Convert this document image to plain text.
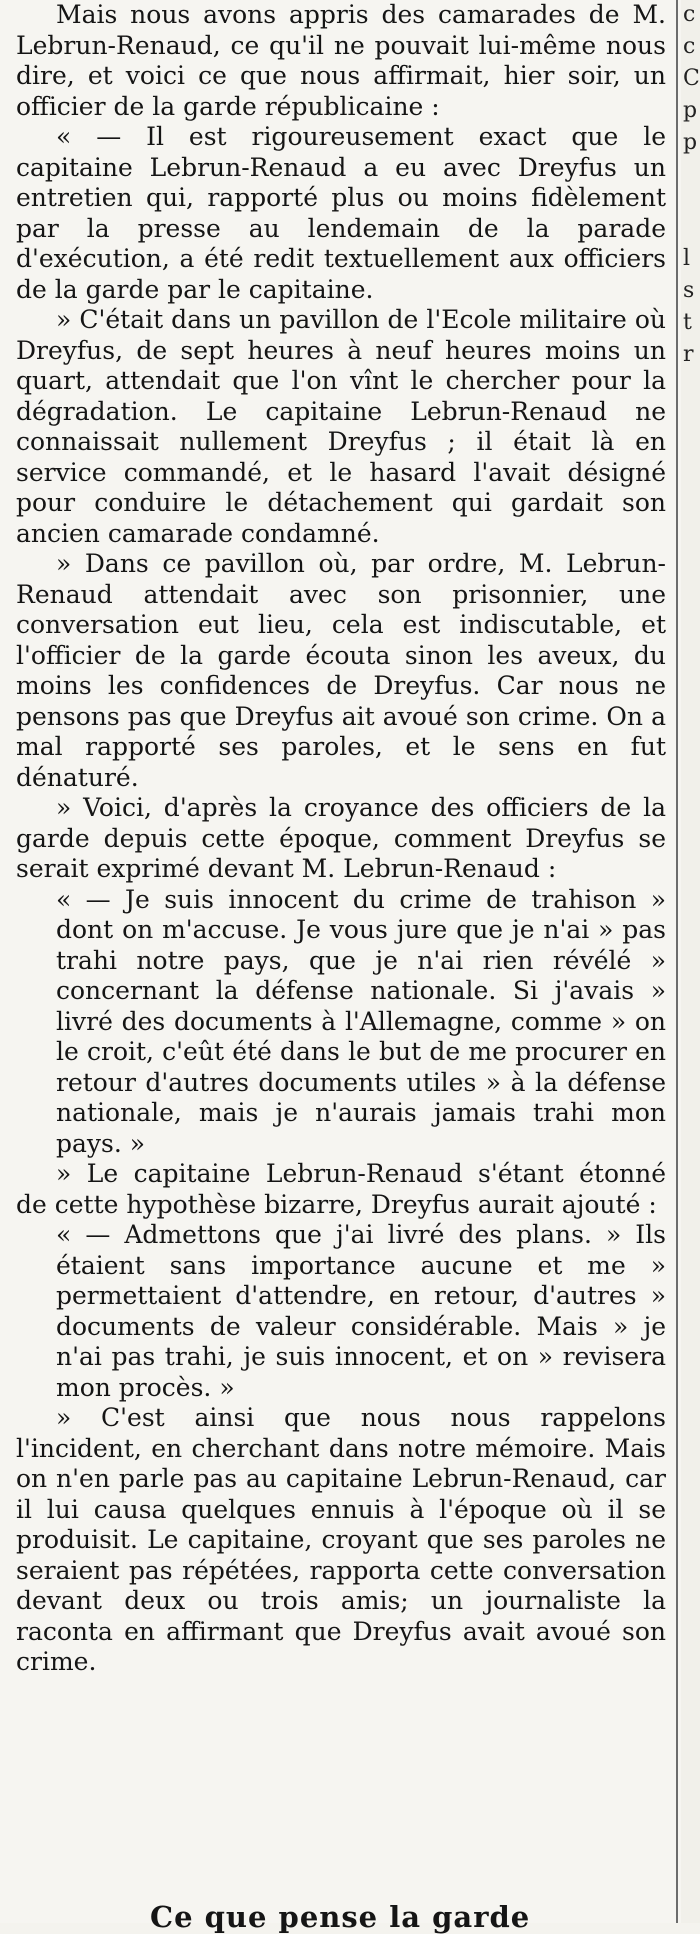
Mais nous avons appris des camarades de M. Lebrun-Renaud, ce qu'il ne pouvait lui-même nous dire, et voici ce que nous affirmait, hier soir, un officier de la garde républicaine :

« — Il est rigoureusement exact que le capitaine Lebrun-Renaud a eu avec Dreyfus un entretien qui, rapporté plus ou moins fidèlement par la presse au lendemain de la parade d'exécution, a été redit textuellement aux officiers de la garde par le capitaine.

» C'était dans un pavillon de l'Ecole militaire où Dreyfus, de sept heures à neuf heures moins un quart, attendait que l'on vînt le chercher pour la dégradation. Le capitaine Lebrun-Renaud ne connaissait nullement Dreyfus ; il était là en service commandé, et le hasard l'avait désigné pour conduire le détachement qui gardait son ancien camarade condamné.

» Dans ce pavillon où, par ordre, M. Lebrun-Renaud attendait avec son prisonnier, une conversation eut lieu, cela est indiscutable, et l'officier de la garde écouta sinon les aveux, du moins les confidences de Dreyfus. Car nous ne pensons pas que Dreyfus ait avoué son crime. On a mal rapporté ses paroles, et le sens en fut dénaturé.

» Voici, d'après la croyance des officiers de la garde depuis cette époque, comment Dreyfus se serait exprimé devant M. Lebrun-Renaud :

« — Je suis innocent du crime de trahison » dont on m'accuse. Je vous jure que je n'ai » pas trahi notre pays, que je n'ai rien révélé » concernant la défense nationale. Si j'avais » livré des documents à l'Allemagne, comme » on le croit, c'eût été dans le but de me procurer en retour d'autres documents utiles » à la défense nationale, mais je n'aurais jamais trahi mon pays. »

» Le capitaine Lebrun-Renaud s'étant étonné de cette hypothèse bizarre, Dreyfus aurait ajouté :

« — Admettons que j'ai livré des plans. » Ils étaient sans importance aucune et me » permettaient d'attendre, en retour, d'autres » documents de valeur considérable. Mais » je n'ai pas trahi, je suis innocent, et on » revisera mon procès. »

» C'est ainsi que nous nous rappelons l'incident, en cherchant dans notre mémoire. Mais on n'en parle pas au capitaine Lebrun-Renaud, car il lui causa quelques ennuis à l'époque où il se produisit. Le capitaine, croyant que ses paroles ne seraient pas répétées, rapporta cette conversation devant deux ou trois amis; un journaliste la raconta en affirmant que Dreyfus avait avoué son crime.

Ce que pense la garde
c
c
C
p
p
l
s
t
r
